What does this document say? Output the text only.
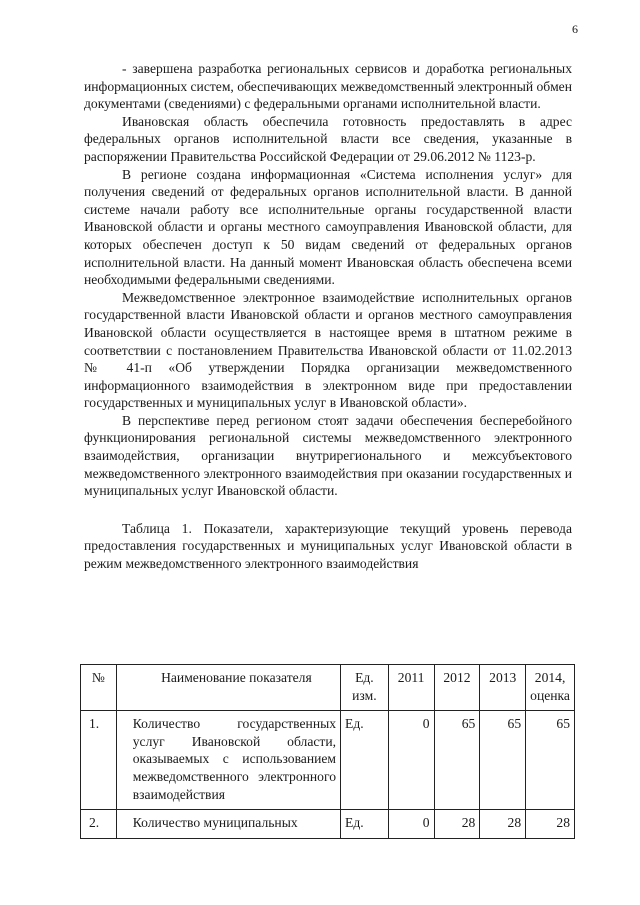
6

- завершена разработка региональных сервисов и доработка региональных информационных систем, обеспечивающих межведомственный электронный обмен документами (сведениями) с федеральными органами исполнительной власти.

Ивановская область обеспечила готовность предоставлять в адрес федеральных органов исполнительной власти все сведения, указанные в распоряжении Правительства Российской Федерации от 29.06.2012 № 1123-р.

В регионе создана информационная «Система исполнения услуг» для получения сведений от федеральных органов исполнительной власти. В данной системе начали работу все исполнительные органы государственной власти Ивановской области и органы местного самоуправления Ивановской области, для которых обеспечен доступ к 50 видам сведений от федеральных органов исполнительной власти. На данный момент Ивановская область обеспечена всеми необходимыми федеральными сведениями.

Межведомственное электронное взаимодействие исполнительных органов государственной власти Ивановской области и органов местного самоуправления Ивановской области осуществляется в настоящее время в штатном режиме в соответствии с постановлением Правительства Ивановской области от 11.02.2013 № 41-п «Об утверждении Порядка организации межведомственного информационного взаимодействия в электронном виде при предоставлении государственных и муниципальных услуг в Ивановской области».

В перспективе перед регионом стоят задачи обеспечения бесперебойного функционирования региональной системы межведомственного электронного взаимодействия, организации внутрирегионального и межсубъектового межведомственного электронного взаимодействия при оказании государственных и муниципальных услуг Ивановской области.

Таблица 1. Показатели, характеризующие текущий уровень перевода предоставления государственных и муниципальных услуг Ивановской области в режим межведомственного электронного взаимодействия

№	Наименование показателя	Ед. изм.	2011	2012	2013	2014, оценка
1.	Количество государственных услуг Ивановской области, оказываемых с использованием межведомственного электронного взаимодействия	Ед.	0	65	65	65
2.	Количество муниципальных	Ед.	0	28	28	28
